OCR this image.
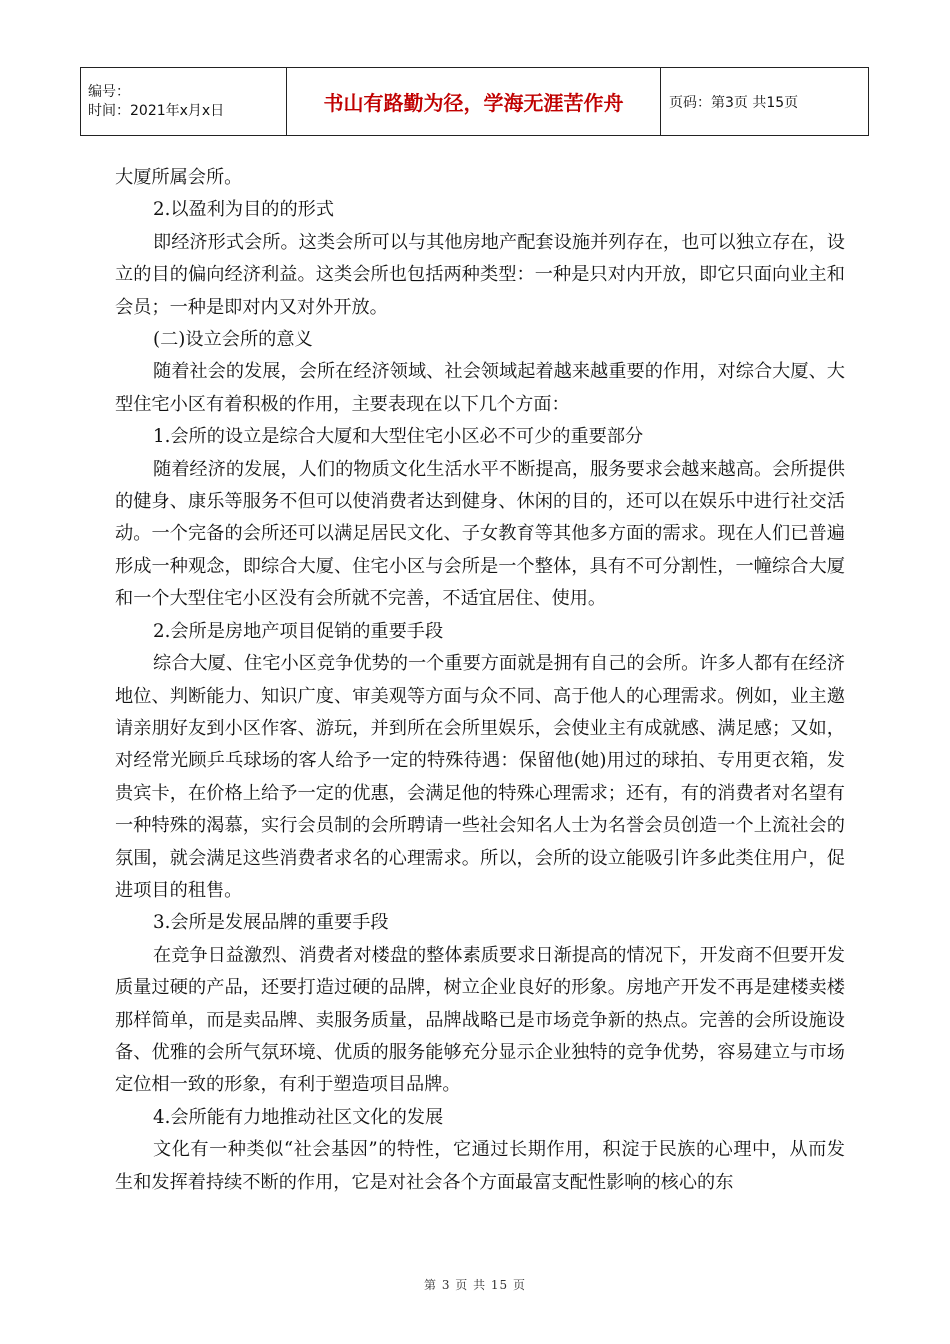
编号：
时间：2021年x月x日	书山有路勤为径，学海无涯苦作舟	页码：第3页 共15页

大厦所属会所。

2.以盈利为目的的形式

即经济形式会所。这类会所可以与其他房地产配套设施并列存在，也可以独立存在，设 立的目的偏向经济利益。这类会所也包括两种类型：一种是只对内开放，即它只面向业主和会员；一种是即对内又对外开放。

(二)设立会所的意义

随着社会的发展，会所在经济领域、社会领域起着越来越重要的作用，对综合大厦、大 型住宅小区有着积极的作用，主要表现在以下几个方面：

1.会所的设立是综合大厦和大型住宅小区必不可少的重要部分

随着经济的发展，人们的物质文化生活水平不断提高，服务要求会越来越高。会所提供 的健身、康乐等服务不但可以使消费者达到健身、休闲的目的，还可以在娱乐中进行社交活动。一个完备的会所还可以满足居民文化、子女教育等其他多方面的需求。现在人们已普遍 形成一种观念，即综合大厦、住宅小区与会所是一个整体，具有不可分割性，一幢综合大厦和一个大型住宅小区没有会所就不完善，不适宜居住、使用。

2.会所是房地产项目促销的重要手段

综合大厦、住宅小区竞争优势的一个重要方面就是拥有自己的会所。许多人都有在经济 地位、判断能力、知识广度、审美观等方面与众不同、高于他人的心理需求。例如，业主邀请亲朋好友到小区作客、游玩，并到所在会所里娱乐，会使业主有成就感、满足感；又如， 对经常光顾乒乓球场的客人给予一定的特殊待遇：保留他(她)用过的球拍、专用更衣箱，发 贵宾卡，在价格上给予一定的优惠，会满足他的特殊心理需求；还有，有的消费者对名望有 一种特殊的渴慕，实行会员制的会所聘请一些社会知名人士为名誉会员创造一个上流社会的氛围，就会满足这些消费者求名的心理需求。所以，会所的设立能吸引许多此类住用户，促 进项目的租售。

3.会所是发展品牌的重要手段

在竞争日益激烈、消费者对楼盘的整体素质要求日渐提高的情况下，开发商不但要开发 质量过硬的产品，还要打造过硬的品牌，树立企业良好的形象。房地产开发不再是建楼卖楼那样简单，而是卖品牌、卖服务质量，品牌战略已是市场竞争新的热点。完善的会所设施设 备、优雅的会所气氛环境、优质的服务能够充分显示企业独特的竞争优势，容易建立与市场定位相一致的形象，有利于塑造项目品牌。

4.会所能有力地推动社区文化的发展

文化有一种类似“社会基因”的特性，它通过长期作用，积淀于民族的心理中，从而发 生和发挥着持续不断的作用，它是对社会各个方面最富支配性影响的核心的东

第 3 页 共 15 页
